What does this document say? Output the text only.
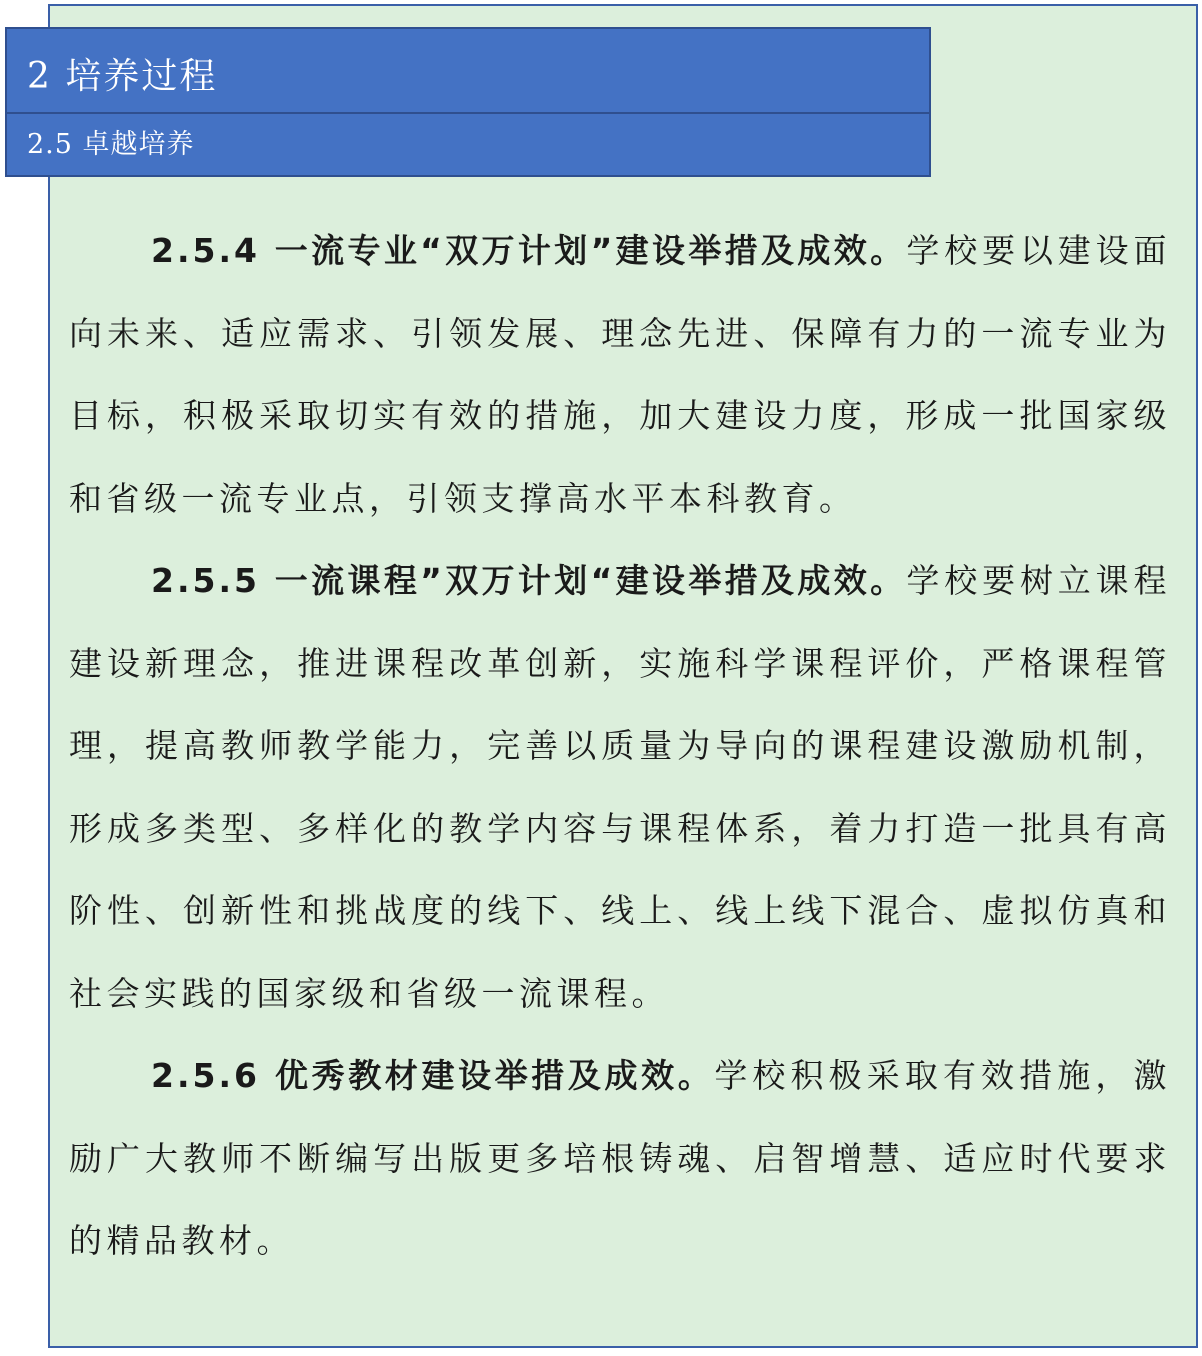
2 培养过程
2.5 卓越培养

2.5.4 一流专业“双万计划”建设举措及成效。学校要以建设面向未来、适应需求、引领发展、理念先进、保障有力的一流专业为目标，积极采取切实有效的措施，加大建设力度，形成一批国家级和省级一流专业点，引领支撑高水平本科教育。

2.5.5 一流课程”双万计划“建设举措及成效。学校要树立课程建设新理念，推进课程改革创新，实施科学课程评价，严格课程管理，提高教师教学能力，完善以质量为导向的课程建设激励机制，形成多类型、多样化的教学内容与课程体系，着力打造一批具有高阶性、创新性和挑战度的线下、线上、线上线下混合、虚拟仿真和社会实践的国家级和省级一流课程。

2.5.6 优秀教材建设举措及成效。学校积极采取有效措施，激励广大教师不断编写出版更多培根铸魂、启智增慧、适应时代要求的精品教材。
